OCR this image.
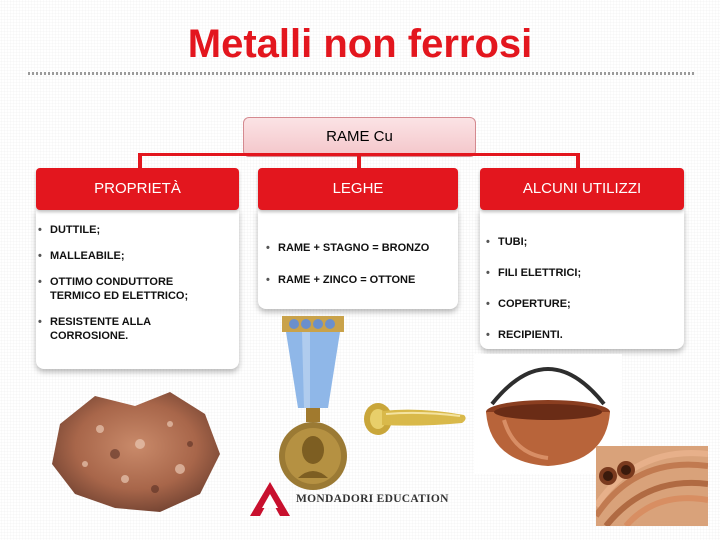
Metalli non ferrosi
RAME Cu
• DUTTILE;
• MALLEABILE;
• OTTIMO CONDUTTORE TERMICO ED ELETTRICO;
• RESISTENTE ALLA CORROSIONE.
• RAME + STAGNO = BRONZO
• RAME + ZINCO = OTTONE
• TUBI;
• FILI ELETTRICI;
• COPERTURE;
• RECIPIENTI.
PROPRIETÀ	LEGHE	ALCUNI UTILIZZI
MONDADORI EDUCATION
